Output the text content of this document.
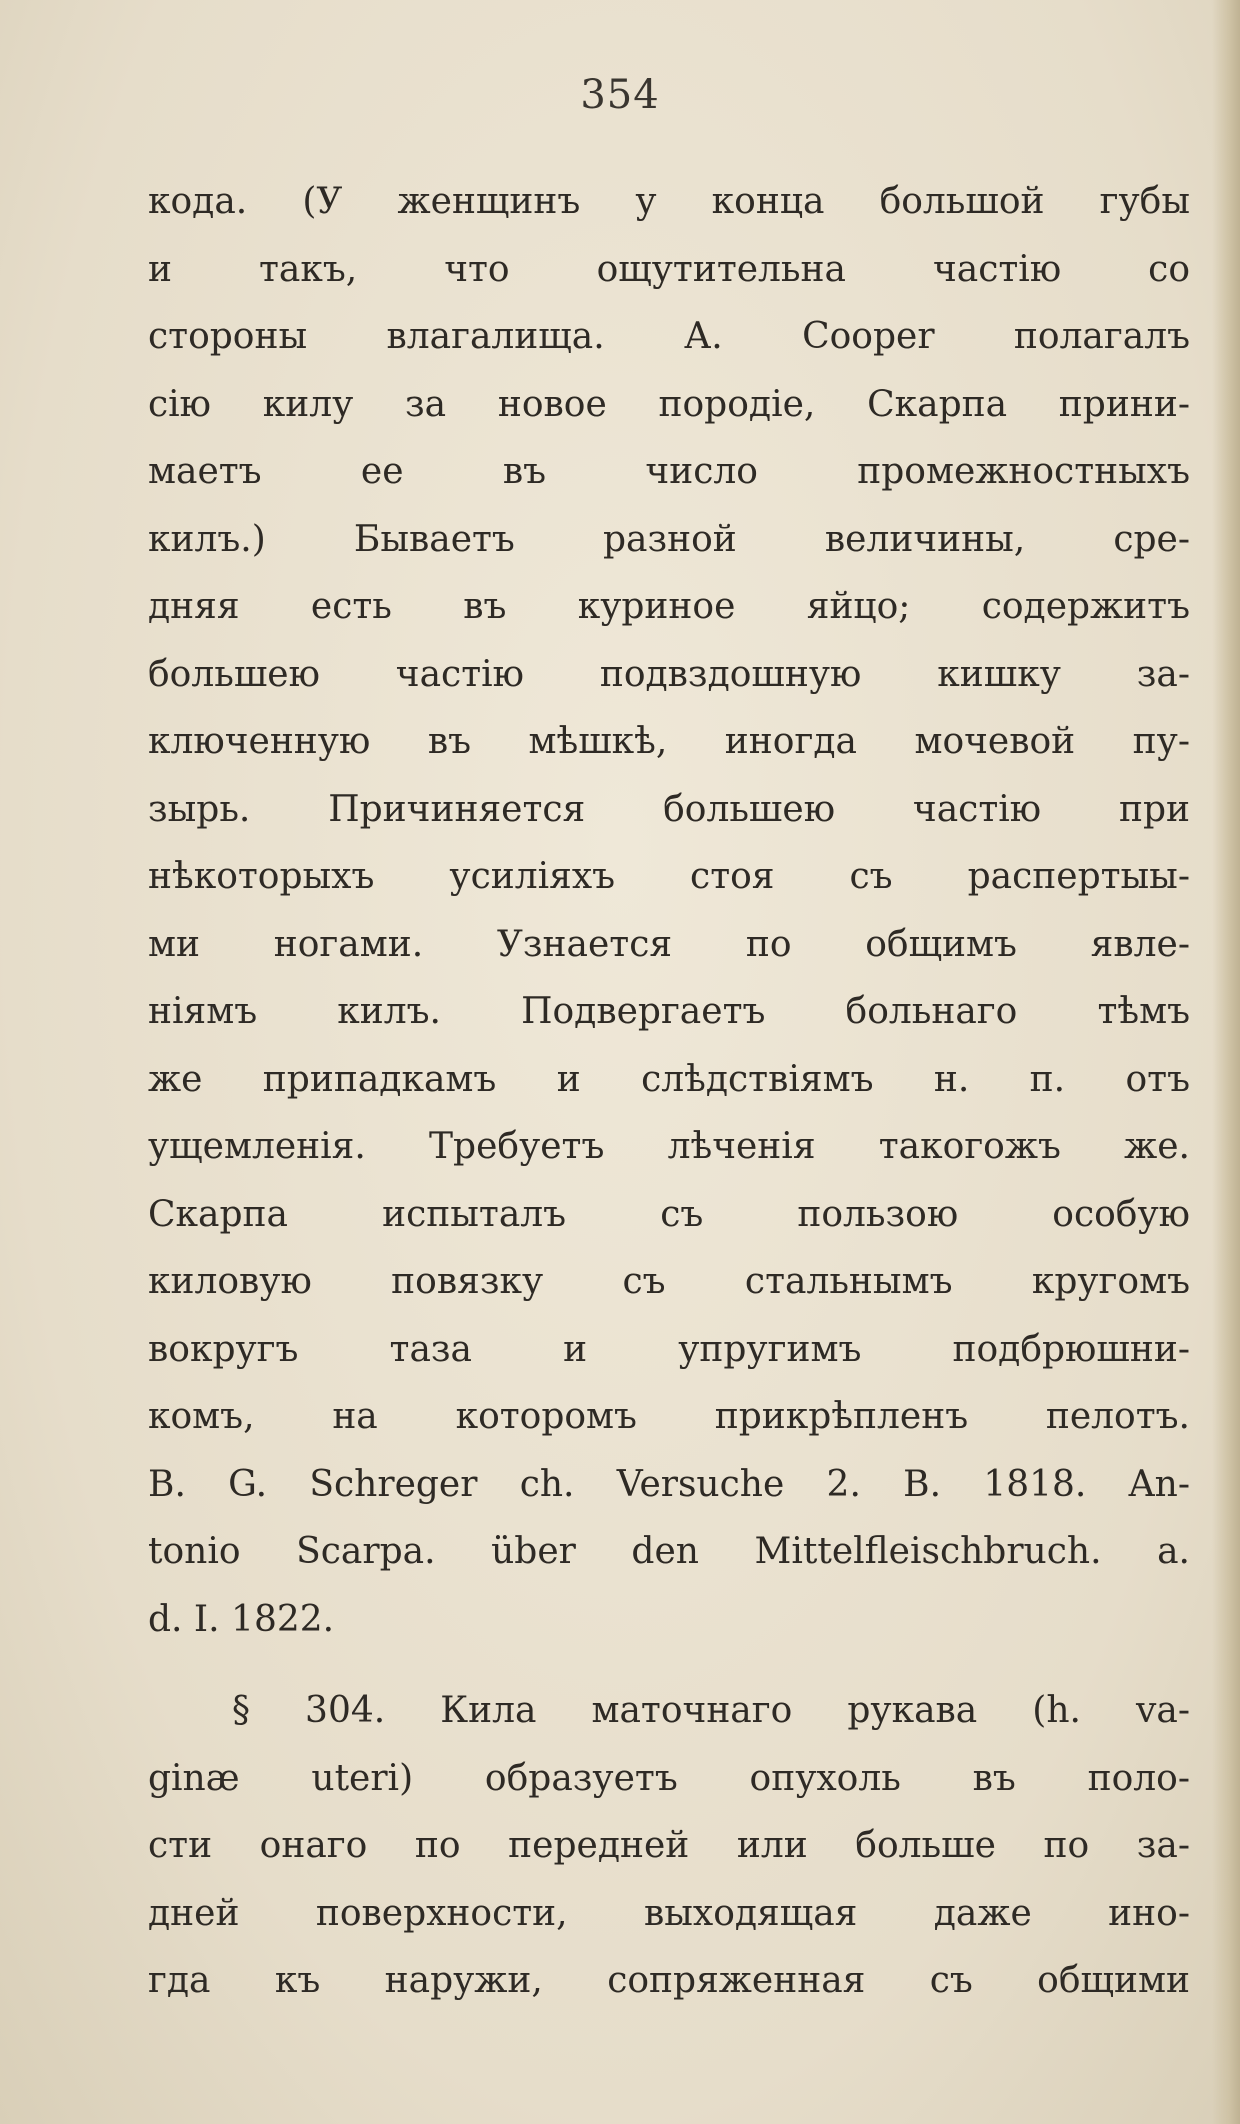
354
кода. (У женщинъ у конца большой губы
и такъ, что ощутительна частію со
стороны влагалища. А. Cooper полагалъ
сію килу за новое породіе, Скарпа прини-
маетъ ее въ число промежностныхъ
килъ.) Бываетъ разной величины, сре-
дняя есть въ куриное яйцо; содержитъ
большею частію подвздошную кишку за-
ключенную въ мѣшкѣ, иногда мочевой пу-
зырь. Причиняется большею частію при
нѣкоторыхъ усиліяхъ стоя съ распертыы-
ми ногами. Узнается по общимъ явле-
ніямъ килъ. Подвергаетъ больнаго тѣмъ
же припадкамъ и слѣдствіямъ н. п. отъ
ущемленія. Требуетъ лѣченія такогожъ же.
Скарпа испыталъ съ пользою особую
киловую повязку съ стальнымъ кругомъ
вокругъ таза и упругимъ подбрюшни-
комъ, на которомъ прикрѣпленъ пелотъ.
B. G. Schreger ch. Versuche 2. B. 1818. An-
tonio Scarpa. über den Mittelfleischbruch. a.
d. I. 1822.
§ 304. Кила маточнаго рукава (h. va-
ginæ uteri) образуетъ опухоль въ поло-
сти онаго по передней или больше по за-
дней поверхности, выходящая даже ино-
гда къ наружи, сопряженная съ общими
